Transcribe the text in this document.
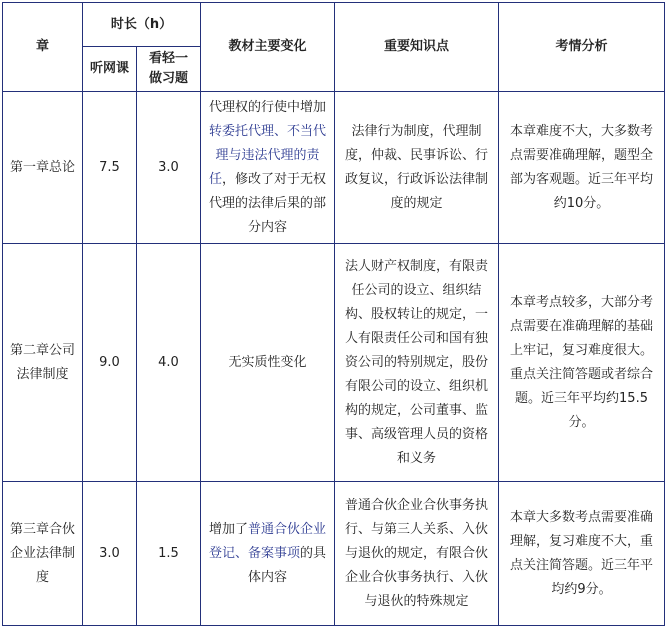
章	时长（h）	教材主要变化	重要知识点	考情分析
听网课	看轻一做习题
第一章总论	7.5	3.0	代理权的行使中增加转委托代理、不当代理与违法代理的责任，修改了对于无权代理的法律后果的部分内容	法律行为制度，代理制度，仲裁、民事诉讼、行政复议，行政诉讼法律制度的规定	本章难度不大，大多数考点需要准确理解，题型全部为客观题。近三年平均约10分。
第二章公司法律制度	9.0	4.0	无实质性变化	法人财产权制度，有限责任公司的设立、组织结构、股权转让的规定，一人有限责任公司和国有独资公司的特别规定，股份有限公司的设立、组织机构的规定，公司董事、监事、高级管理人员的资格和义务	本章考点较多，大部分考点需要在准确理解的基础上牢记，复习难度很大。重点关注简答题或者综合题。近三年平均约15.5分。
第三章合伙企业法律制度	3.0	1.5	增加了普通合伙企业登记、备案事项的具体内容	普通合伙企业合伙事务执行、与第三人关系、入伙与退伙的规定，有限合伙企业合伙事务执行、入伙与退伙的特殊规定	本章大多数考点需要准确理解，复习难度不大，重点关注简答题。近三年平均约9分。
